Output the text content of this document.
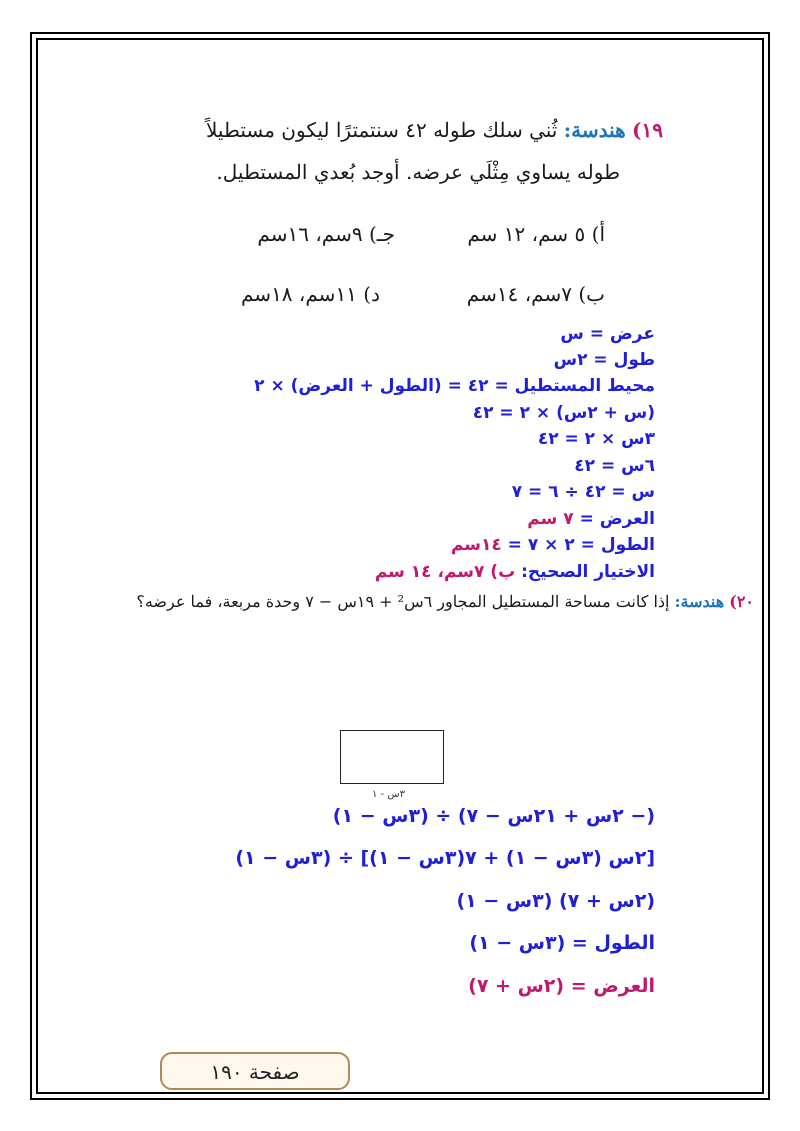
١٩) هندسة: ثُني سلك طوله ٤٢ سنتمترًا ليكون مستطيلاً
طوله يساوي مِثْلَي عرضه. أوجد بُعدي المستطيل.
أ) ٥ سم، ١٢ سم
جـ) ٩سم، ١٦سم
ب) ٧سم، ١٤سم
د) ١١سم، ١٨سم
عرض = س
طول = ٢س
محيط المستطيل = ٤٢ = (الطول + العرض) × ٢
(س + ٢س) × ٢ = ٤٢
٣س × ٢ = ٤٢
٦س = ٤٢
س = ٤٢ ÷ ٦ = ٧
العرض = ٧ سم
الطول = ٢ × ٧ = ١٤سم
الاختيار الصحيح: ب) ٧سم، ١٤ سم
٢٠) هندسة: إذا كانت مساحة المستطيل المجاور ٦س² + ١٩س − ٧ وحدة مربعة، فما عرضه؟
٣س - ١
(− ٢س + ٢١س − ٧) ÷ (٣س − ١)
[٢س (٣س − ١) + ٧(٣س − ١)] ÷ (٣س − ١)
(٢س + ٧) (٣س − ١)
الطول = (٣س − ١)
العرض = (٢س + ٧)
صفحة ١٩٠
